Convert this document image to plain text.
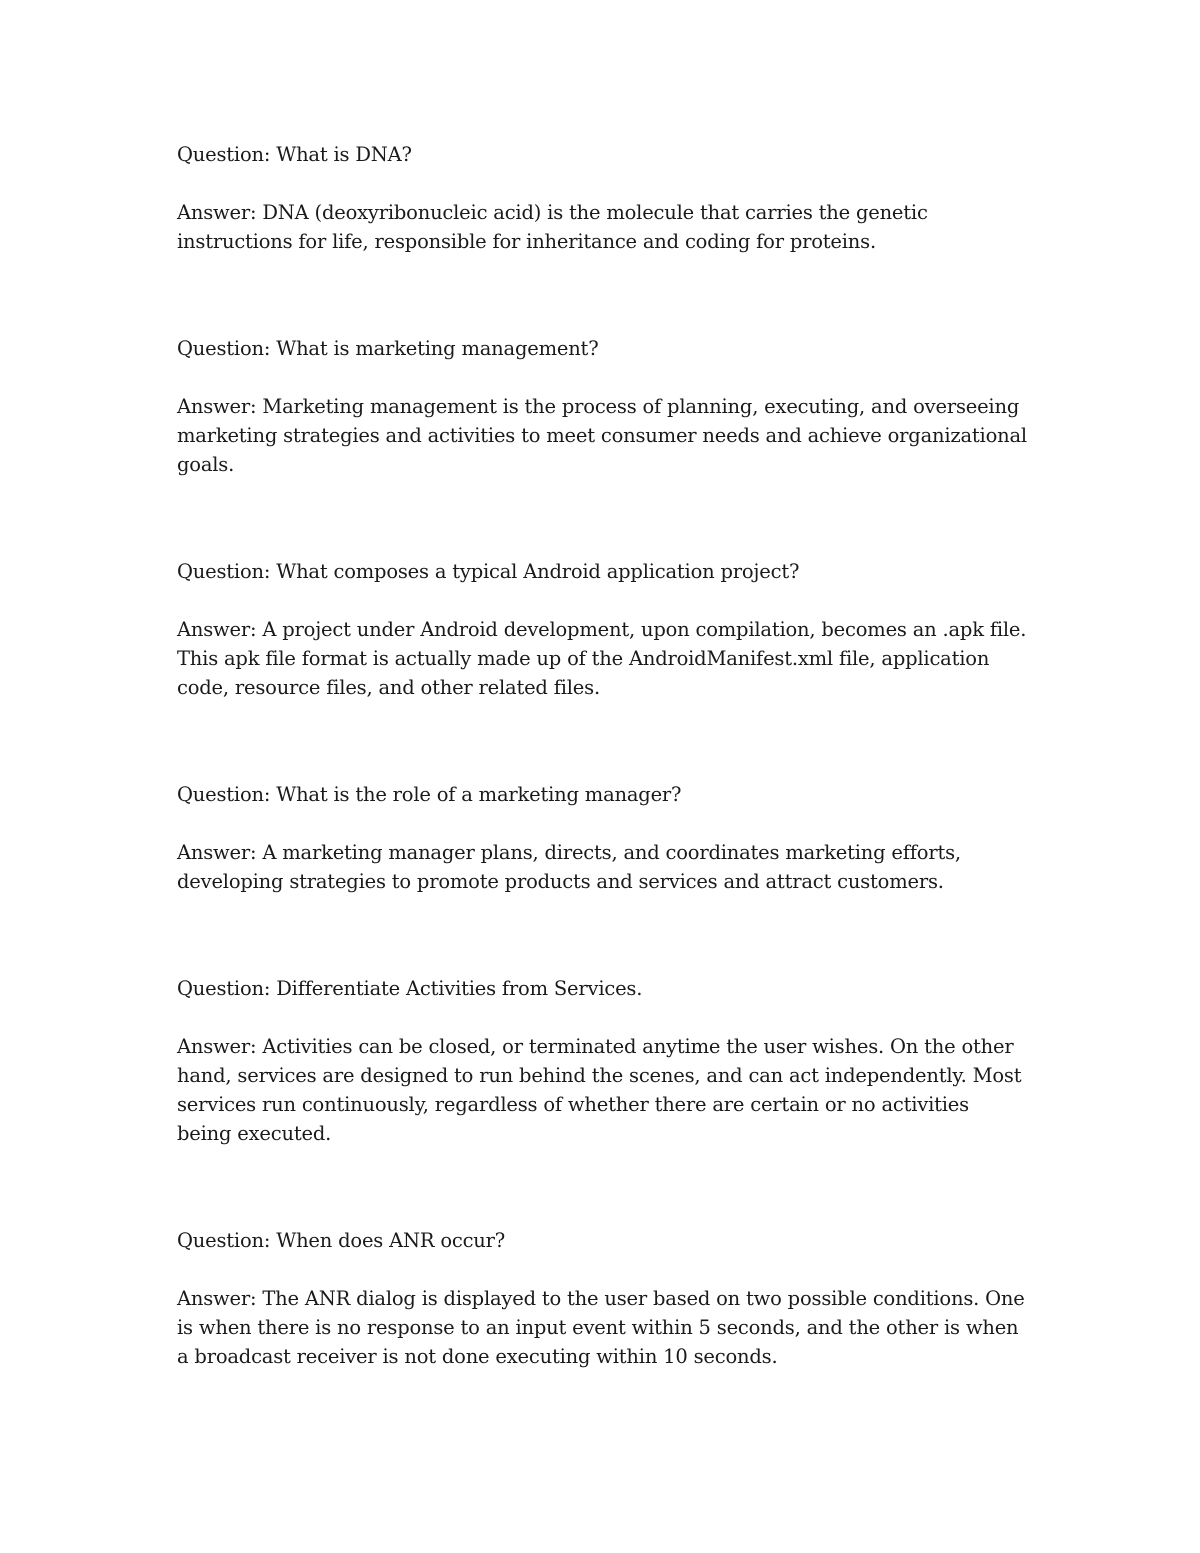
Question: What is DNA?

Answer: DNA (deoxyribonucleic acid) is the molecule that carries the genetic instructions for life, responsible for inheritance and coding for proteins.

Question: What is marketing management?

Answer: Marketing management is the process of planning, executing, and overseeing marketing strategies and activities to meet consumer needs and achieve organizational goals.

Question: What composes a typical Android application project?

Answer: A project under Android development, upon compilation, becomes an .apk file. This apk file format is actually made up of the AndroidManifest.xml file, application code, resource files, and other related files.

Question: What is the role of a marketing manager?

Answer: A marketing manager plans, directs, and coordinates marketing efforts, developing strategies to promote products and services and attract customers.

Question: Differentiate Activities from Services.

Answer: Activities can be closed, or terminated anytime the user wishes. On the other hand, services are designed to run behind the scenes, and can act independently. Most services run continuously, regardless of whether there are certain or no activities being executed.

Question: When does ANR occur?

Answer: The ANR dialog is displayed to the user based on two possible conditions. One is when there is no response to an input event within 5 seconds, and the other is when a broadcast receiver is not done executing within 10 seconds.
